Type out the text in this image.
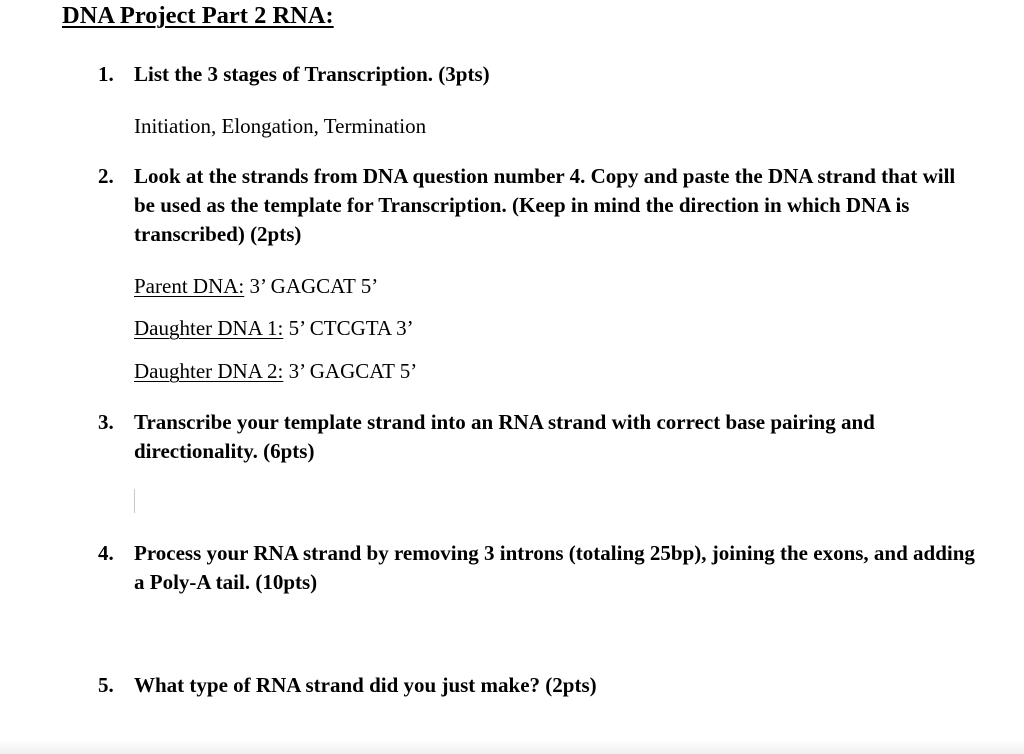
DNA Project Part 2 RNA:
1. List the 3 stages of Transcription. (3pts)
Initiation, Elongation, Termination
2. Look at the strands from DNA question number 4. Copy and paste the DNA strand that will be used as the template for Transcription. (Keep in mind the direction in which DNA is transcribed) (2pts)
Parent DNA: 3’ GAGCAT 5’
Daughter DNA 1: 5’ CTCGTA 3’
Daughter DNA 2: 3’ GAGCAT 5’
3. Transcribe your template strand into an RNA strand with correct base pairing and directionality. (6pts)
4. Process your RNA strand by removing 3 introns (totaling 25bp), joining the exons, and adding a Poly-A tail. (10pts)
5. What type of RNA strand did you just make? (2pts)
